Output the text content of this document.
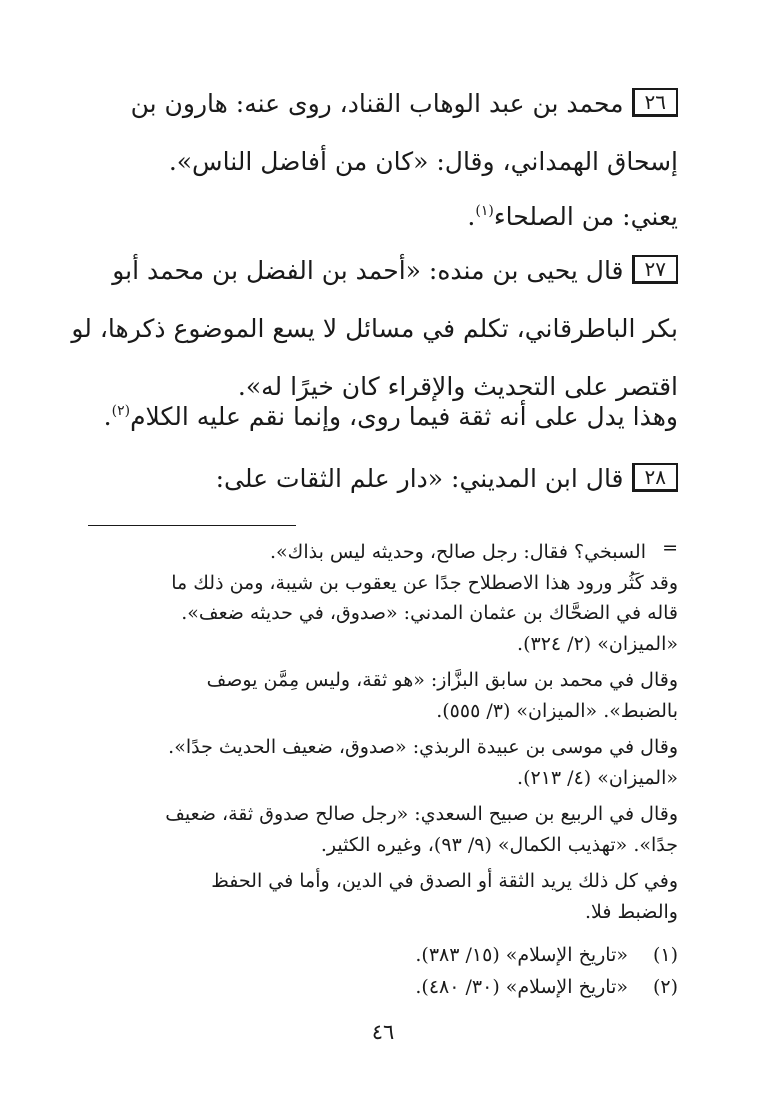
٢٦محمد بن عبد الوهاب القناد، روى عنه: هارون بن
إسحاق الهمداني، وقال: «كان من أفاضل الناس».
يعني: من الصلحاء$^{(١)}$.
٢٧قال يحيى بن منده: «أحمد بن الفضل بن محمد أبو
بكر الباطرقاني، تكلم في مسائل لا يسع الموضوع ذكرها، لو
اقتصر على التحديث والإقراء كان خيرًا له».
وهذا يدل على أنه ثقة فيما روى، وإنما نقم عليه الكلام$^{(٢)}$.
٢٨قال ابن المديني: «دار علم الثقات على:
=
السبخي؟ فقال: رجل صالح، وحديثه ليس بذاك».
وقد كَثُر ورود هذا الاصطلاح جدًا عن يعقوب بن شيبة، ومن ذلك ما
قاله في الضحَّاك بن عثمان المدني: «صدوق، في حديثه ضعف».
«الميزان» (٢/ ٣٢٤).
وقال في محمد بن سابق البزَّاز: «هو ثقة، وليس مِمَّن يوصف
بالضبط». «الميزان» (٣/ ٥٥٥).
وقال في موسى بن عبيدة الربذي: «صدوق، ضعيف الحديث جدًا».
«الميزان» (٤/ ٢١٣).
وقال في الربيع بن صبيح السعدي: «رجل صالح صدوق ثقة، ضعيف
جدًا». «تهذيب الكمال» (٩/ ٩٣)، وغيره الكثير.
وفي كل ذلك يريد الثقة أو الصدق في الدين، وأما في الحفظ
والضبط فلا.
(١)«تاريخ الإسلام» (١٥/ ٣٨٣).
(٢)«تاريخ الإسلام» (٣٠/ ٤٨٠).
٤٦
